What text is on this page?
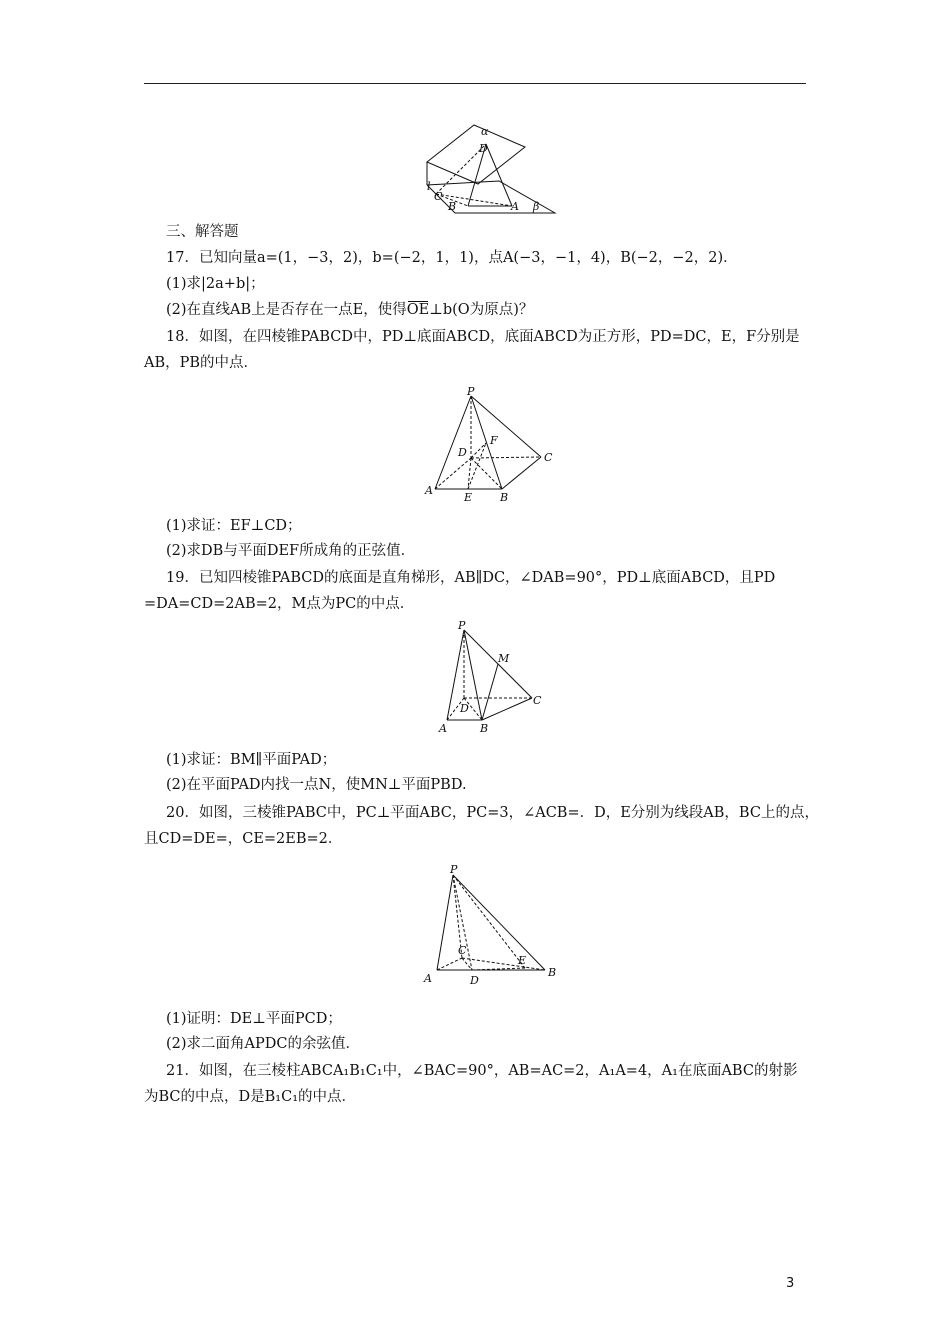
α
D
l
C
B	A β
三、解答题
17．已知向量a=(1，−3，2)，b=(−2，1，1)，点A(−3，−1，4)，B(−2，−2，2)．
(1)求|2a+b|；
(2)在直线AB上是否存在一点E，使得OE⊥b(O为原点)？
18．如图，在四棱锥PABCD中，PD⊥底面ABCD，底面ABCD为正方形，PD=DC，E，F分别是
AB，PB的中点．
P
F
D	C
A
E	B
(1)求证：EF⊥CD；
(2)求DB与平面DEF所成角的正弦值．
19．已知四棱锥PABCD的底面是直角梯形，AB∥DC，∠DAB=90°，PD⊥底面ABCD，且PD
=DA=CD=2AB=2，M点为PC的中点．
P
M
D
C
A	B
(1)求证：BM∥平面PAD；
(2)在平面PAD内找一点N，使MN⊥平面PBD.
20．如图，三棱锥PABC中，PC⊥平面ABC，PC=3，∠ACB=．D，E分别为线段AB，BC上的点，
且CD=DE=，CE=2EB=2．
P
C
E
A	D
B
(1)证明：DE⊥平面PCD；
(2)求二面角APDC的余弦值．
21．如图，在三棱柱ABCA₁B₁C₁中，∠BAC=90°，AB=AC=2，A₁A=4，A₁在底面ABC的射影
为BC的中点，D是B₁C₁的中点．
3
